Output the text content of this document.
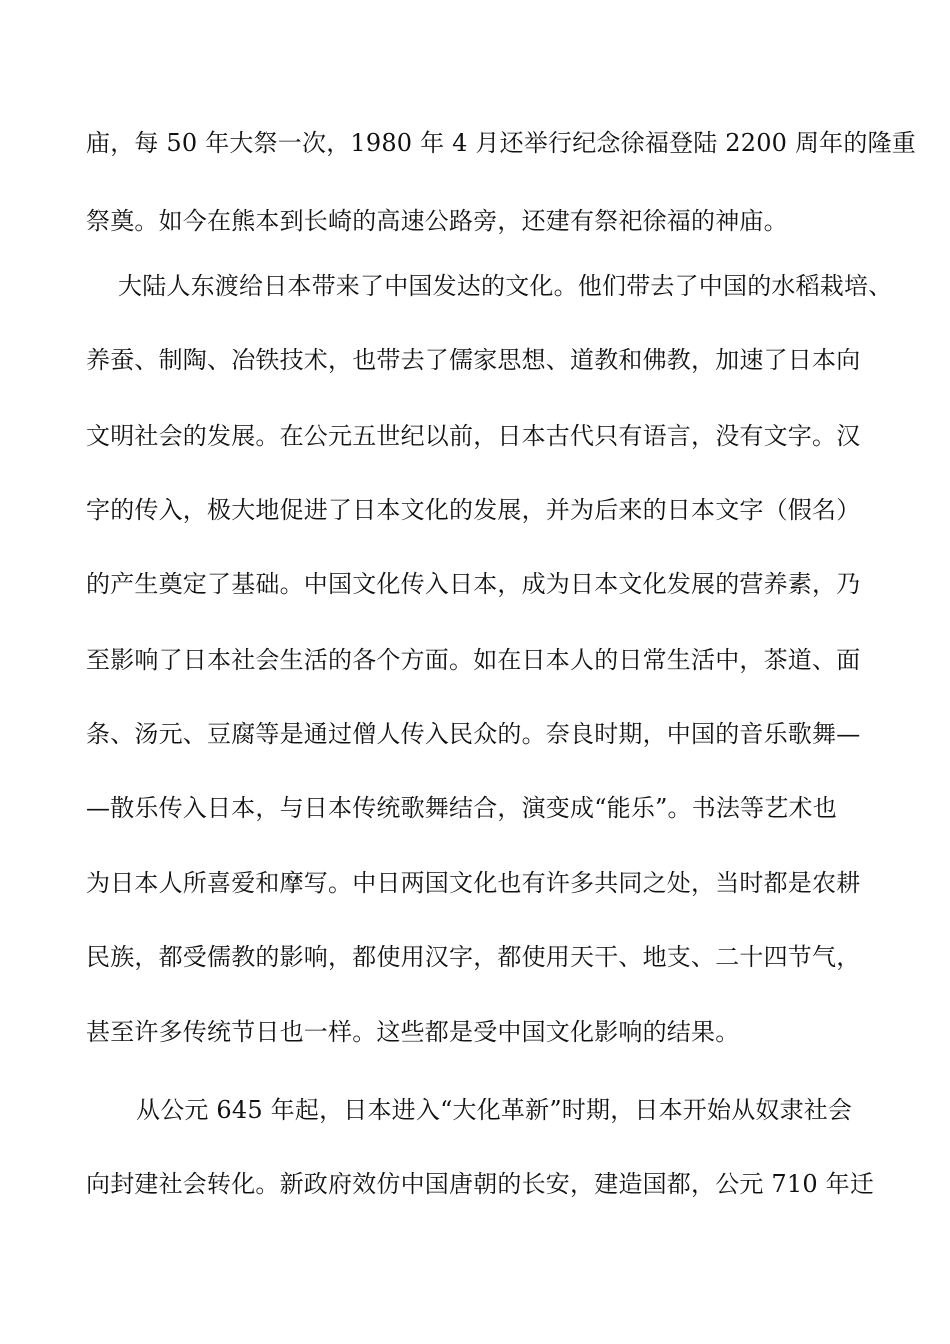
庙，每 50 年大祭一次，1980 年 4 月还举行纪念徐福登陆 2200 周年的隆重
祭奠。如今在熊本到长崎的高速公路旁，还建有祭祀徐福的神庙。
大陆人东渡给日本带来了中国发达的文化。他们带去了中国的水稻栽培、
养蚕、制陶、冶铁技术，也带去了儒家思想、道教和佛教，加速了日本向
文明社会的发展。在公元五世纪以前，日本古代只有语言，没有文字。汉
字的传入，极大地促进了日本文化的发展，并为后来的日本文字（假名）
的产生奠定了基础。中国文化传入日本，成为日本文化发展的营养素，乃
至影响了日本社会生活的各个方面。如在日本人的日常生活中，茶道、面
条、汤元、豆腐等是通过僧人传入民众的。奈良时期，中国的音乐歌舞—
—散乐传入日本，与日本传统歌舞结合，演变成“能乐”。书法等艺术也
为日本人所喜爱和摩写。中日两国文化也有许多共同之处，当时都是农耕
民族，都受儒教的影响，都使用汉字，都使用天干、地支、二十四节气，
甚至许多传统节日也一样。这些都是受中国文化影响的结果。
从公元 645 年起，日本进入“大化革新”时期，日本开始从奴隶社会
向封建社会转化。新政府效仿中国唐朝的长安，建造国都，公元 710 年迁
